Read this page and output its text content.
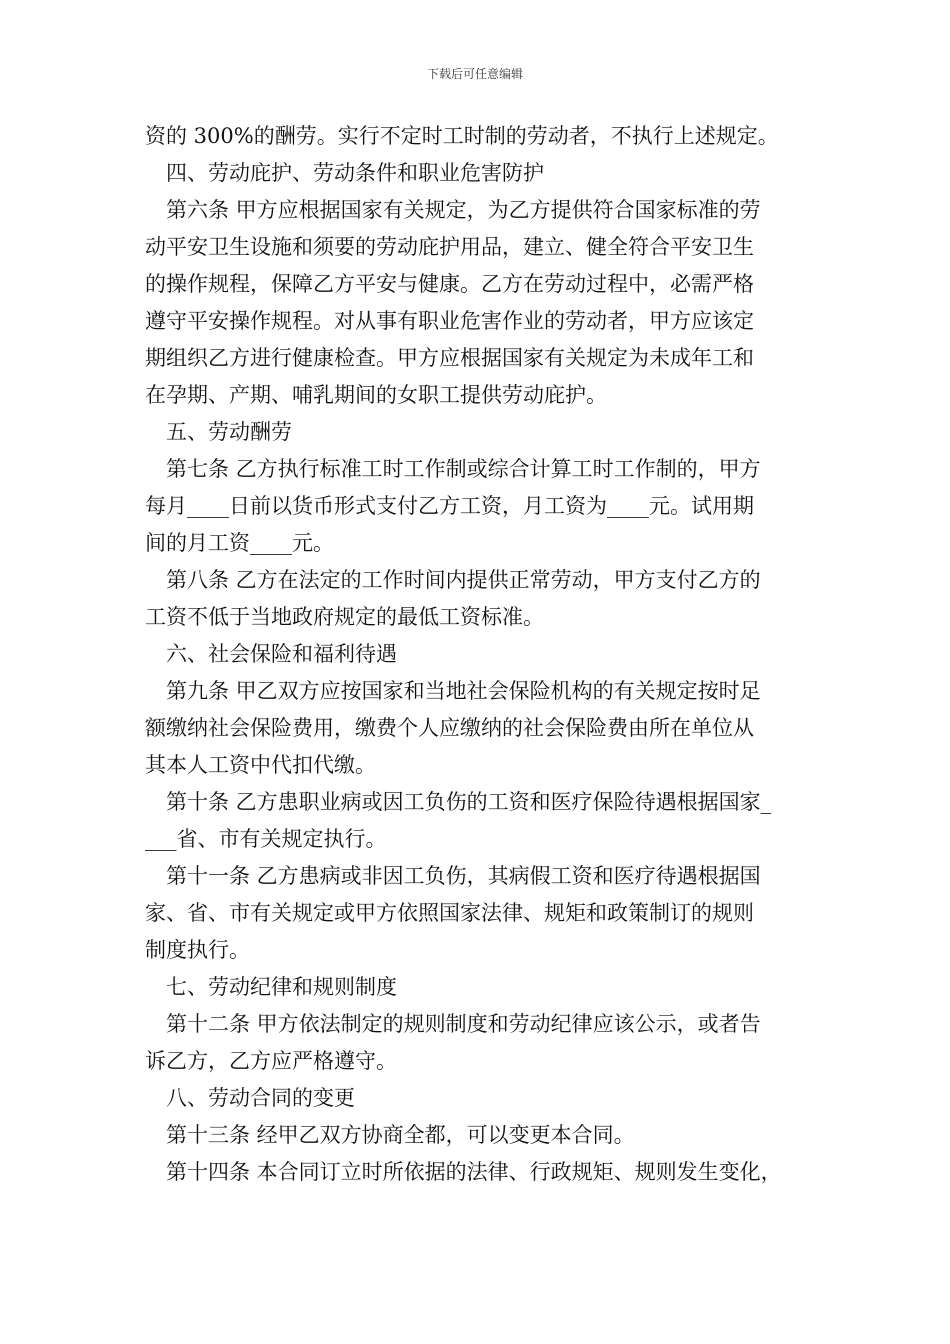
下载后可任意编辑
资的 300%的酬劳。实行不定时工时制的劳动者，不执行上述规定。
四、劳动庇护、劳动条件和职业危害防护
第六条 甲方应根据国家有关规定，为乙方提供符合国家标准的劳
动平安卫生设施和须要的劳动庇护用品，建立、健全符合平安卫生
的操作规程，保障乙方平安与健康。乙方在劳动过程中，必需严格
遵守平安操作规程。对从事有职业危害作业的劳动者，甲方应该定
期组织乙方进行健康检查。甲方应根据国家有关规定为未成年工和
在孕期、产期、哺乳期间的女职工提供劳动庇护。
五、劳动酬劳
第七条 乙方执行标准工时工作制或综合计算工时工作制的，甲方
每月____日前以货币形式支付乙方工资，月工资为____元。试用期
间的月工资____元。
第八条 乙方在法定的工作时间内提供正常劳动，甲方支付乙方的
工资不低于当地政府规定的最低工资标准。
六、社会保险和福利待遇
第九条 甲乙双方应按国家和当地社会保险机构的有关规定按时足
额缴纳社会保险费用，缴费个人应缴纳的社会保险费由所在单位从
其本人工资中代扣代缴。
第十条 乙方患职业病或因工负伤的工资和医疗保险待遇根据国家_
___省、市有关规定执行。
第十一条 乙方患病或非因工负伤，其病假工资和医疗待遇根据国
家、省、市有关规定或甲方依照国家法律、规矩和政策制订的规则
制度执行。
七、劳动纪律和规则制度
第十二条 甲方依法制定的规则制度和劳动纪律应该公示，或者告
诉乙方，乙方应严格遵守。
八、劳动合同的变更
第十三条 经甲乙双方协商全都，可以变更本合同。
第十四条 本合同订立时所依据的法律、行政规矩、规则发生变化，
